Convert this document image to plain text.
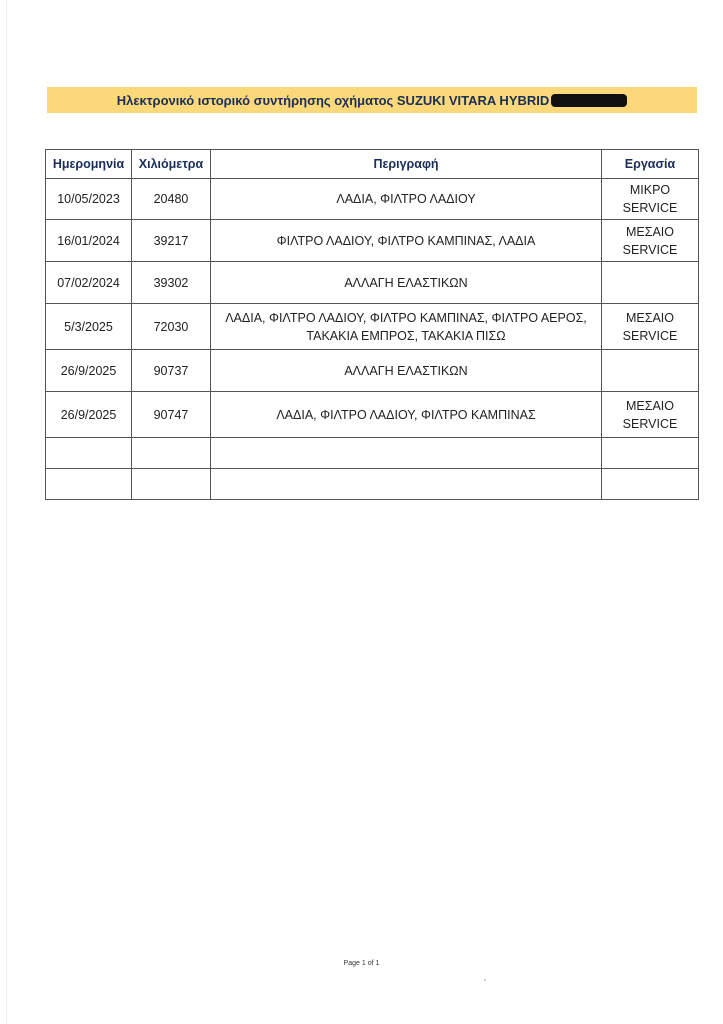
Ηλεκτρονικό ιστορικό συντήρησης οχήματος SUZUKI VITARA HYBRID
Ημερομηνία	Χιλιόμετρα	Περιγραφή	Εργασία
10/05/2023	20480	ΛΑΔΙΑ, ΦΙΛΤΡΟ ΛΑΔΙΟΥ	ΜΙΚΡΟ SERVICE
16/01/2024	39217	ΦΙΛΤΡΟ ΛΑΔΙΟΥ, ΦΙΛΤΡΟ ΚΑΜΠΙΝΑΣ, ΛΑΔΙΑ	ΜΕΣΑΙΟ SERVICE
07/02/2024	39302	ΑΛΛΑΓΗ ΕΛΑΣΤΙΚΩΝ	
5/3/2025	72030	ΛΑΔΙΑ, ΦΙΛΤΡΟ ΛΑΔΙΟΥ, ΦΙΛΤΡΟ ΚΑΜΠΙΝΑΣ, ΦΙΛΤΡΟ ΑΕΡΟΣ, ΤΑΚΑΚΙΑ ΕΜΠΡΟΣ, ΤΑΚΑΚΙΑ ΠΙΣΩ	ΜΕΣΑΙΟ SERVICE
26/9/2025	90737	ΑΛΛΑΓΗ ΕΛΑΣΤΙΚΩΝ	
26/9/2025	90747	ΛΑΔΙΑ, ΦΙΛΤΡΟ ΛΑΔΙΟΥ, ΦΙΛΤΡΟ ΚΑΜΠΙΝΑΣ	ΜΕΣΑΙΟ SERVICE

Page 1 of 1
